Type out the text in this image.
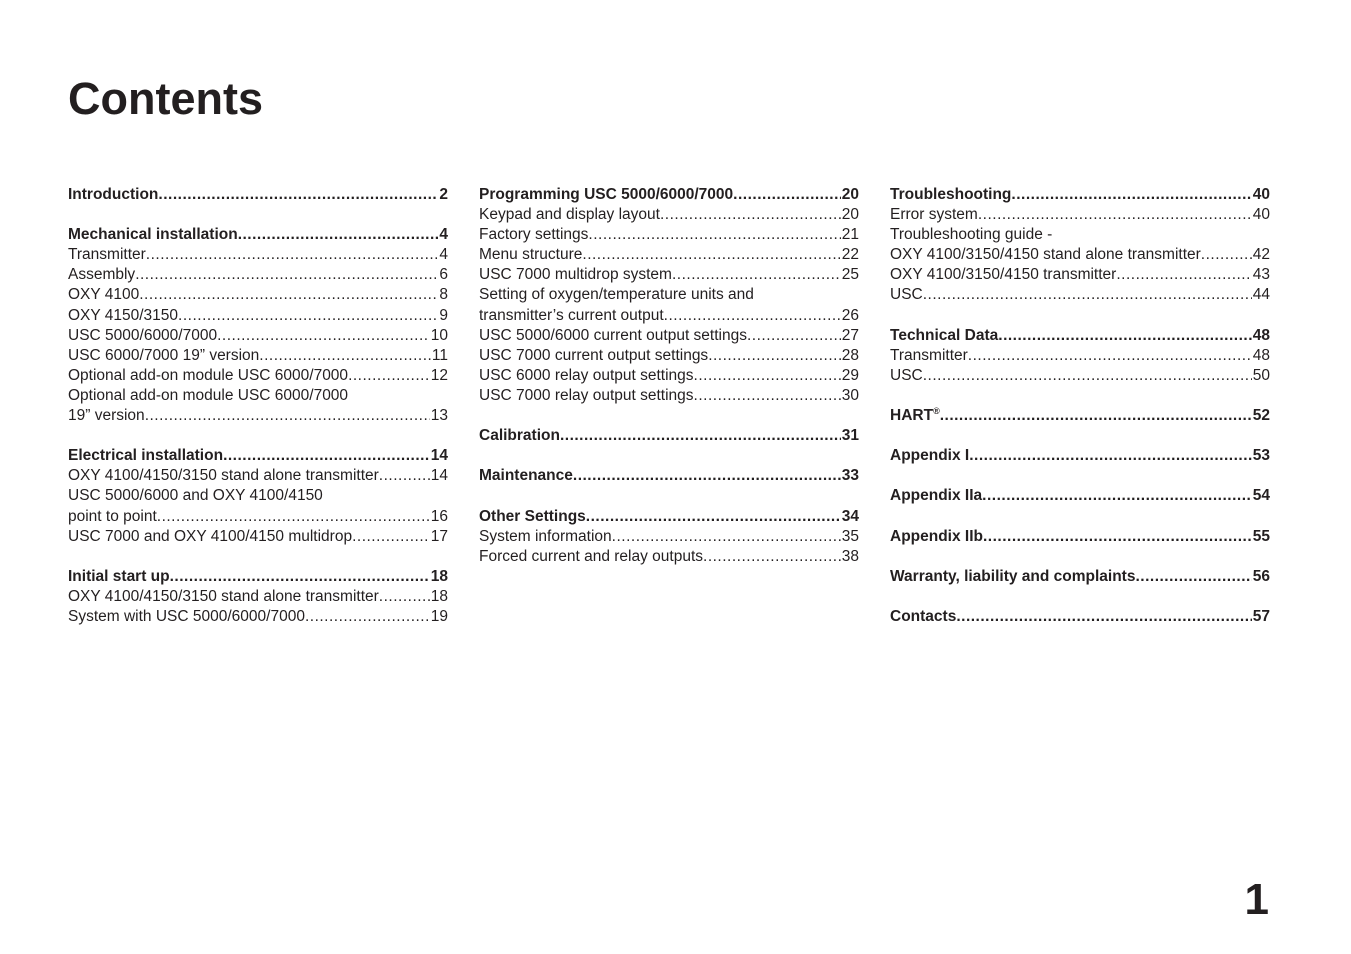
Contents
Introduction .....	2
Mechanical installation .....	4
Transmitter .....	4
Assembly .....	6
OXY 4100 .....	8
OXY 4150/3150 .....	9
USC 5000/6000/7000 .....	10
USC 6000/7000 19” version .....	11
Optional add-on module USC 6000/7000 .....	12
Optional add-on module USC 6000/7000
19” version .....	13
Electrical installation .....	14
OXY 4100/4150/3150 stand alone transmitter .....	14
USC 5000/6000 and OXY 4100/4150
point to point .....	16
USC 7000 and OXY 4100/4150 multidrop .....	17
Initial start up .....	18
OXY 4100/4150/3150 stand alone transmitter .....	18
System with USC 5000/6000/7000 .....	19
Programming USC 5000/6000/7000 .....	20
Keypad and display layout .....	20
Factory settings .....	21
Menu structure .....	22
USC 7000 multidrop system .....	25
Setting of oxygen/temperature units and
transmitter’s current output .....	26
USC 5000/6000 current output settings .....	27
USC 7000 current output settings .....	28
USC 6000 relay output settings .....	29
USC 7000 relay output settings .....	30
Calibration .....	31
Maintenance .....	33
Other Settings .....	34
System information .....	35
Forced current and relay outputs .....	38
Troubleshooting .....	40
Error system .....	40
Troubleshooting guide -
OXY 4100/3150/4150 stand alone transmitter .....	42
OXY 4100/3150/4150 transmitter .....	43
USC .....	44
Technical Data .....	48
Transmitter .....	48
USC .....	50
HART® .....	52
Appendix I .....	53
Appendix IIa .....	54
Appendix IIb .....	55
Warranty, liability and complaints .....	56
Contacts .....	57
1
